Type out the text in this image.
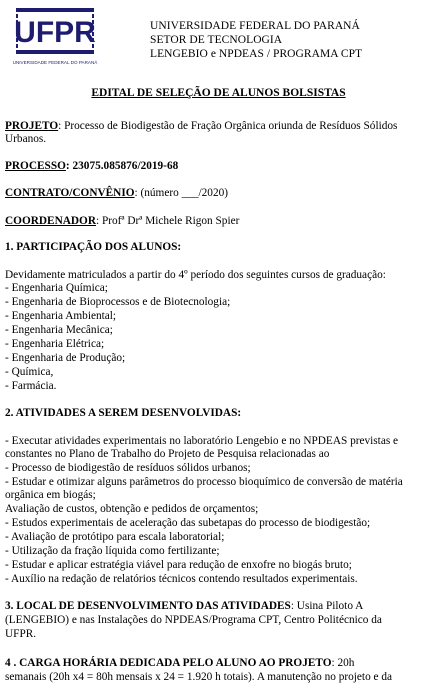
UFPR
UNIVERSIDADE FEDERAL DO PARANÁ
UNIVERSIDADE FEDERAL DO PARANÁ
SETOR DE TECNOLOGIA
LENGEBIO e NPDEAS / PROGRAMA CPT
EDITAL DE SELEÇÃO DE ALUNOS BOLSISTAS
PROJETO: Processo de Biodigestão de Fração Orgânica oriunda de Resíduos Sólidos
Urbanos.
PROCESSO: 23075.085876/2019-68
CONTRATO/CONVÊNIO: (número ___/2020)
COORDENADOR: Profª Drª Michele Rigon Spier
1. PARTICIPAÇÃO DOS ALUNOS:
Devidamente matriculados a partir do 4º período dos seguintes cursos de graduação:
- Engenharia Química;
- Engenharia de Bioprocessos e de Biotecnologia;
- Engenharia Ambiental;
- Engenharia Mecânica;
- Engenharia Elétrica;
- Engenharia de Produção;
- Química,
- Farmácia.
2. ATIVIDADES A SEREM DESENVOLVIDAS:
- Executar atividades experimentais no laboratório Lengebio e no NPDEAS previstas e
constantes no Plano de Trabalho do Projeto de Pesquisa relacionadas ao
- Processo de biodigestão de resíduos sólidos urbanos;
- Estudar e otimizar alguns parâmetros do processo bioquímico de conversão de matéria
orgânica em biogás;
Avaliação de custos, obtenção e pedidos de orçamentos;
- Estudos experimentais de aceleração das subetapas do processo de biodigestão;
- Avaliação de protótipo para escala laboratorial;
- Utilização da fração líquida como fertilizante;
- Estudar e aplicar estratégia viável para redução de enxofre no biogás bruto;
- Auxílio na redação de relatórios técnicos contendo resultados experimentais.
3. LOCAL DE DESENVOLVIMENTO DAS ATIVIDADES: Usina Piloto A
(LENGEBIO) e nas Instalações do NPDEAS/Programa CPT, Centro Politécnico da
UFPR.
4 . CARGA HORÁRIA DEDICADA PELO ALUNO AO PROJETO: 20h
semanais (20h x4 = 80h mensais x 24 = 1.920 h totais). A manutenção no projeto e da
